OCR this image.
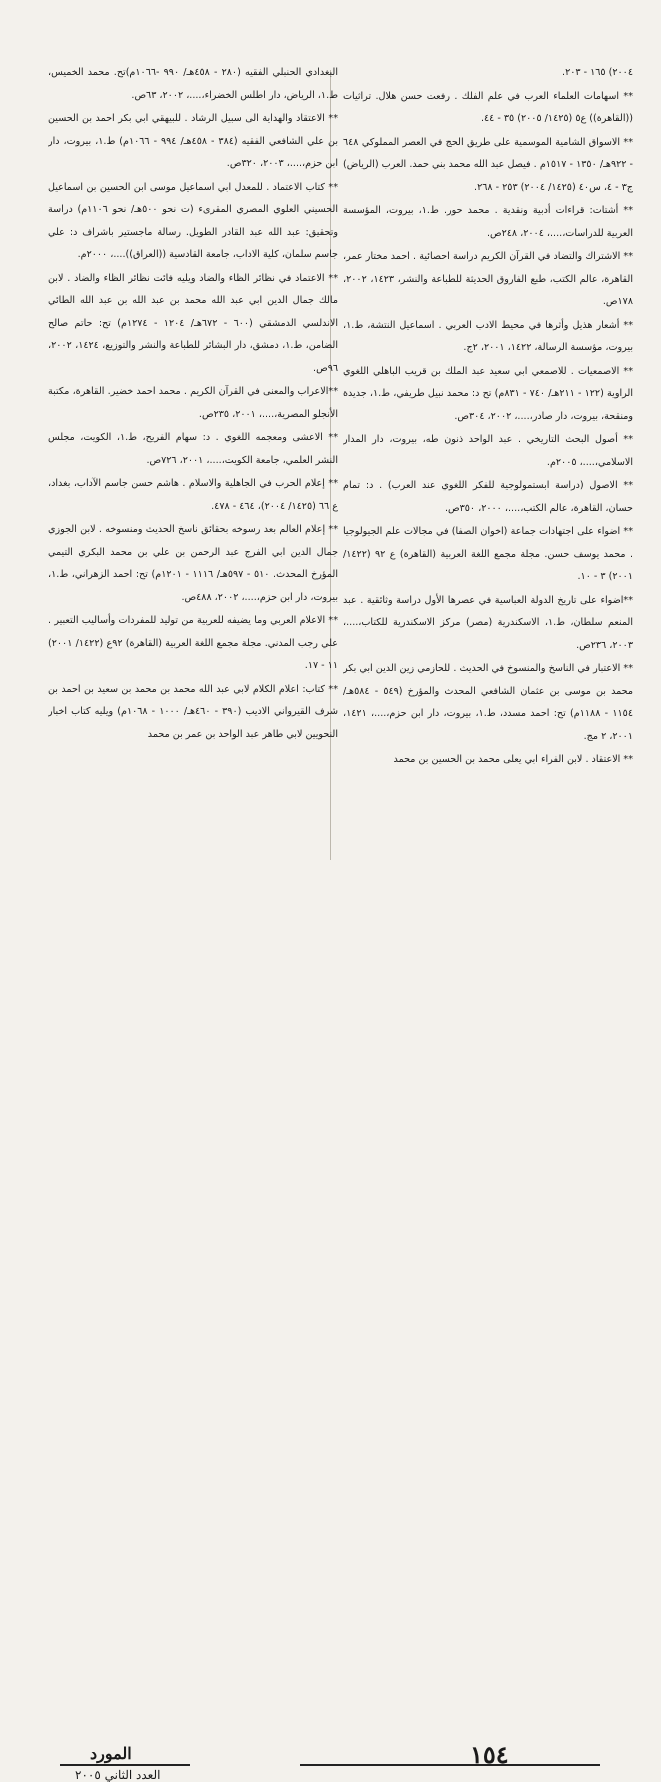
٢٠٠٤) ١٦٥ - ٢٠٣.

** اسهامات العلماء العرب في علم الفلك . رفعت حسن هلال. تراثيات ((القاهرة)) ع٥ (١٤٢٥/ ٢٠٠٥) ٣٥ - ٤٤.

** الاسواق الشامية الموسمية على طريق الحج في العصر المملوكي ٦٤٨ - ٩٢٢هـ/ ١٣٥٠ - ١٥١٧م . فيصل عبد الله محمد بني حمد. العرب (الرياض) ج٣ - ٤، س٤٠ (١٤٢٥/ ٢٠٠٤) ٢٥٣ - ٢٦٨.

** أشتات: قراءات أدبية ونقدية . محمد حور. ط.١، بيروت، المؤسسة العربية للدراسات،....، ٢٠٠٤، ٢٤٨ص.

** الاشتراك والتضاد في القرآن الكريم دراسة احصائية . احمد مختار عمر، القاهرة، عالم الكتب، طبع الفاروق الحديثة للطباعة والنشر، ١٤٢٣، ٢٠٠٢، ١٧٨ص.

** أشعار هذيل وأثرها في محيط الادب العربي . اسماعيل النتشة، ط.١، بيروت، مؤسسة الرسالة، ١٤٢٢، ٢٠٠١، ٢ج.

** الاصمعيات . للاصمعي ابي سعيد عبد الملك بن قريب الباهلي اللغوي الراوية (١٢٢ - ٢١١هـ/ ٧٤٠ - ٨٣١م) تح د: محمد نبيل طريفي، ط.١، جديدة ومنقحة، بيروت، دار صادر،....، ٢٠٠٢، ٣٠٤ص.

** أصول البحث التاريخي . عبد الواحد ذنون طه، بيروت، دار المدار الاسلامي،....، ٢٠٠٥م.

** الاصول (دراسة ابستمولوجية للفكر اللغوي عند العرب) . د: تمام حسان، القاهرة، عالم الكتب،....، ٢٠٠٠، ٣٥٠ص.

** اضواء على اجتهادات جماعة (اخوان الصفا) في مجالات علم الجيولوجيا . محمد يوسف حسن. مجلة مجمع اللغة العربية (القاهرة) ع ٩٢ (١٤٢٢/ ٢٠٠١) ٣ - ١٠.

**اضواء على تاريخ الدولة العباسية في عصرها الأول دراسة وثائقية . عبد المنعم سلطان، ط.١، الاسكندرية (مصر) مركز الاسكندرية للكتاب،....، ٢٠٠٣، ٢٣٦ص.

** الاعتبار في الناسخ والمنسوخ في الحديث . للحازمي زين الدين ابي بكر محمد بن موسى بن عثمان الشافعي المحدث والمؤرخ (٥٤٩ - ٥٨٤هـ/ ١١٥٤ - ١١٨٨م) تح: احمد مسدد، ط.١، بيروت، دار ابن حزم،....، ١٤٢١، ٢٠٠١، ٢ مج.

** الاعتقاد . لابن الفراء ابي يعلى محمد بن الحسين بن محمد

البغدادي الحنبلي الفقيه (٢٨٠ - ٤٥٨هـ/ ٩٩٠ -١٠٦٦م)تح. محمد الخميس، ط.١، الرياض، دار اطلس الخضراء،....، ٢٠٠٢، ٦٣ص.

** الاعتقاد والهداية الى سبيل الرشاد . للبيهقي ابي بكر احمد بن الحسين بن علي الشافعي الفقيه (٣٨٤ - ٤٥٨هـ/ ٩٩٤ - ١٠٦٦م) ط.١، بيروت، دار ابن حزم،....، ٢٠٠٣، ٣٢٠ص.

** كتاب الاعتماد . للمعدل ابي اسماعيل موسى ابن الحسين بن اسماعيل الحسيني العلوي المصري المقرىء (ت نحو ٥٠٠هـ/ نحو ١١٠٦م) دراسة وتحقيق: عبد الله عبد القادر الطويل. رسالة ماجستير باشراف د: علي جاسم سلمان، كلية الاداب، جامعة القادسية ((العراق))....، ٢٠٠٠م.

** الاعتماد في نظائر الظاء والضاد ويليه فائت نظائر الظاء والضاد . لابن مالك جمال الدين ابي عبد الله محمد بن عبد الله بن عبد الله الطائي الاندلسي الدمشقي (٦٠٠ - ٦٧٢هـ/ ١٢٠٤ - ١٢٧٤م) تح: حاتم صالح الضامن، ط.١، دمشق، دار البشائر للطباعة والنشر والتوزيع، ١٤٢٤، ٢٠٠٢، ٩٦ص.

**الاعراب والمعنى في القرآن الكريم . محمد احمد خضير. القاهرة، مكتبة الأنجلو المصرية،....، ٢٠٠١، ٢٣٥ص.

** الاعشى ومعجمه اللغوي . د: سهام الفريح، ط.١، الكويت، مجلس النشر العلمي، جامعة الكويت،....، ٢٠٠١، ٧٢٦ص.

** إعلام الحرب في الجاهلية والاسلام . هاشم حسن جاسم الآداب، بغداد، ع ٦٦ (١٤٢٥/ ٢٠٠٤)، ٤٦٤ - ٤٧٨.

** إعلام العالم بعد رسوخه بحقائق ناسخ الحديث ومنسوخه . لابن الجوزي جمال الدين ابي الفرج عبد الرحمن بن علي بن محمد البكري التيمي المؤرخ المحدث. ٥١٠ - ٥٩٧هـ/ ١١١٦ - ١٢٠١م) تح: احمد الزهراني، ط.١، بيروت، دار ابن حزم،....، ٢٠٠٢، ٤٨٨ص.

** الاعلام العربي وما يضيفه للعربية من توليد للمفردات وأساليب التعبير . علي رجب المدني. مجلة مجمع اللغة العربية (القاهرة) ٩٢ع (١٤٢٢/ ٢٠٠١) ١١ - ١٧.

** كتاب: اعلام الكلام لابي عبد الله محمد بن محمد بن سعيد بن احمد بن شرف القيرواني الاديب (٣٩٠ - ٤٦٠هـ/ ١٠٠٠ - ١٠٦٨م) ويليه كتاب اخبار النحويين لابي طاهر عبد الواحد بن عمر بن محمد

١٥٤
المورد
العدد الثاني ٢٠٠٥
